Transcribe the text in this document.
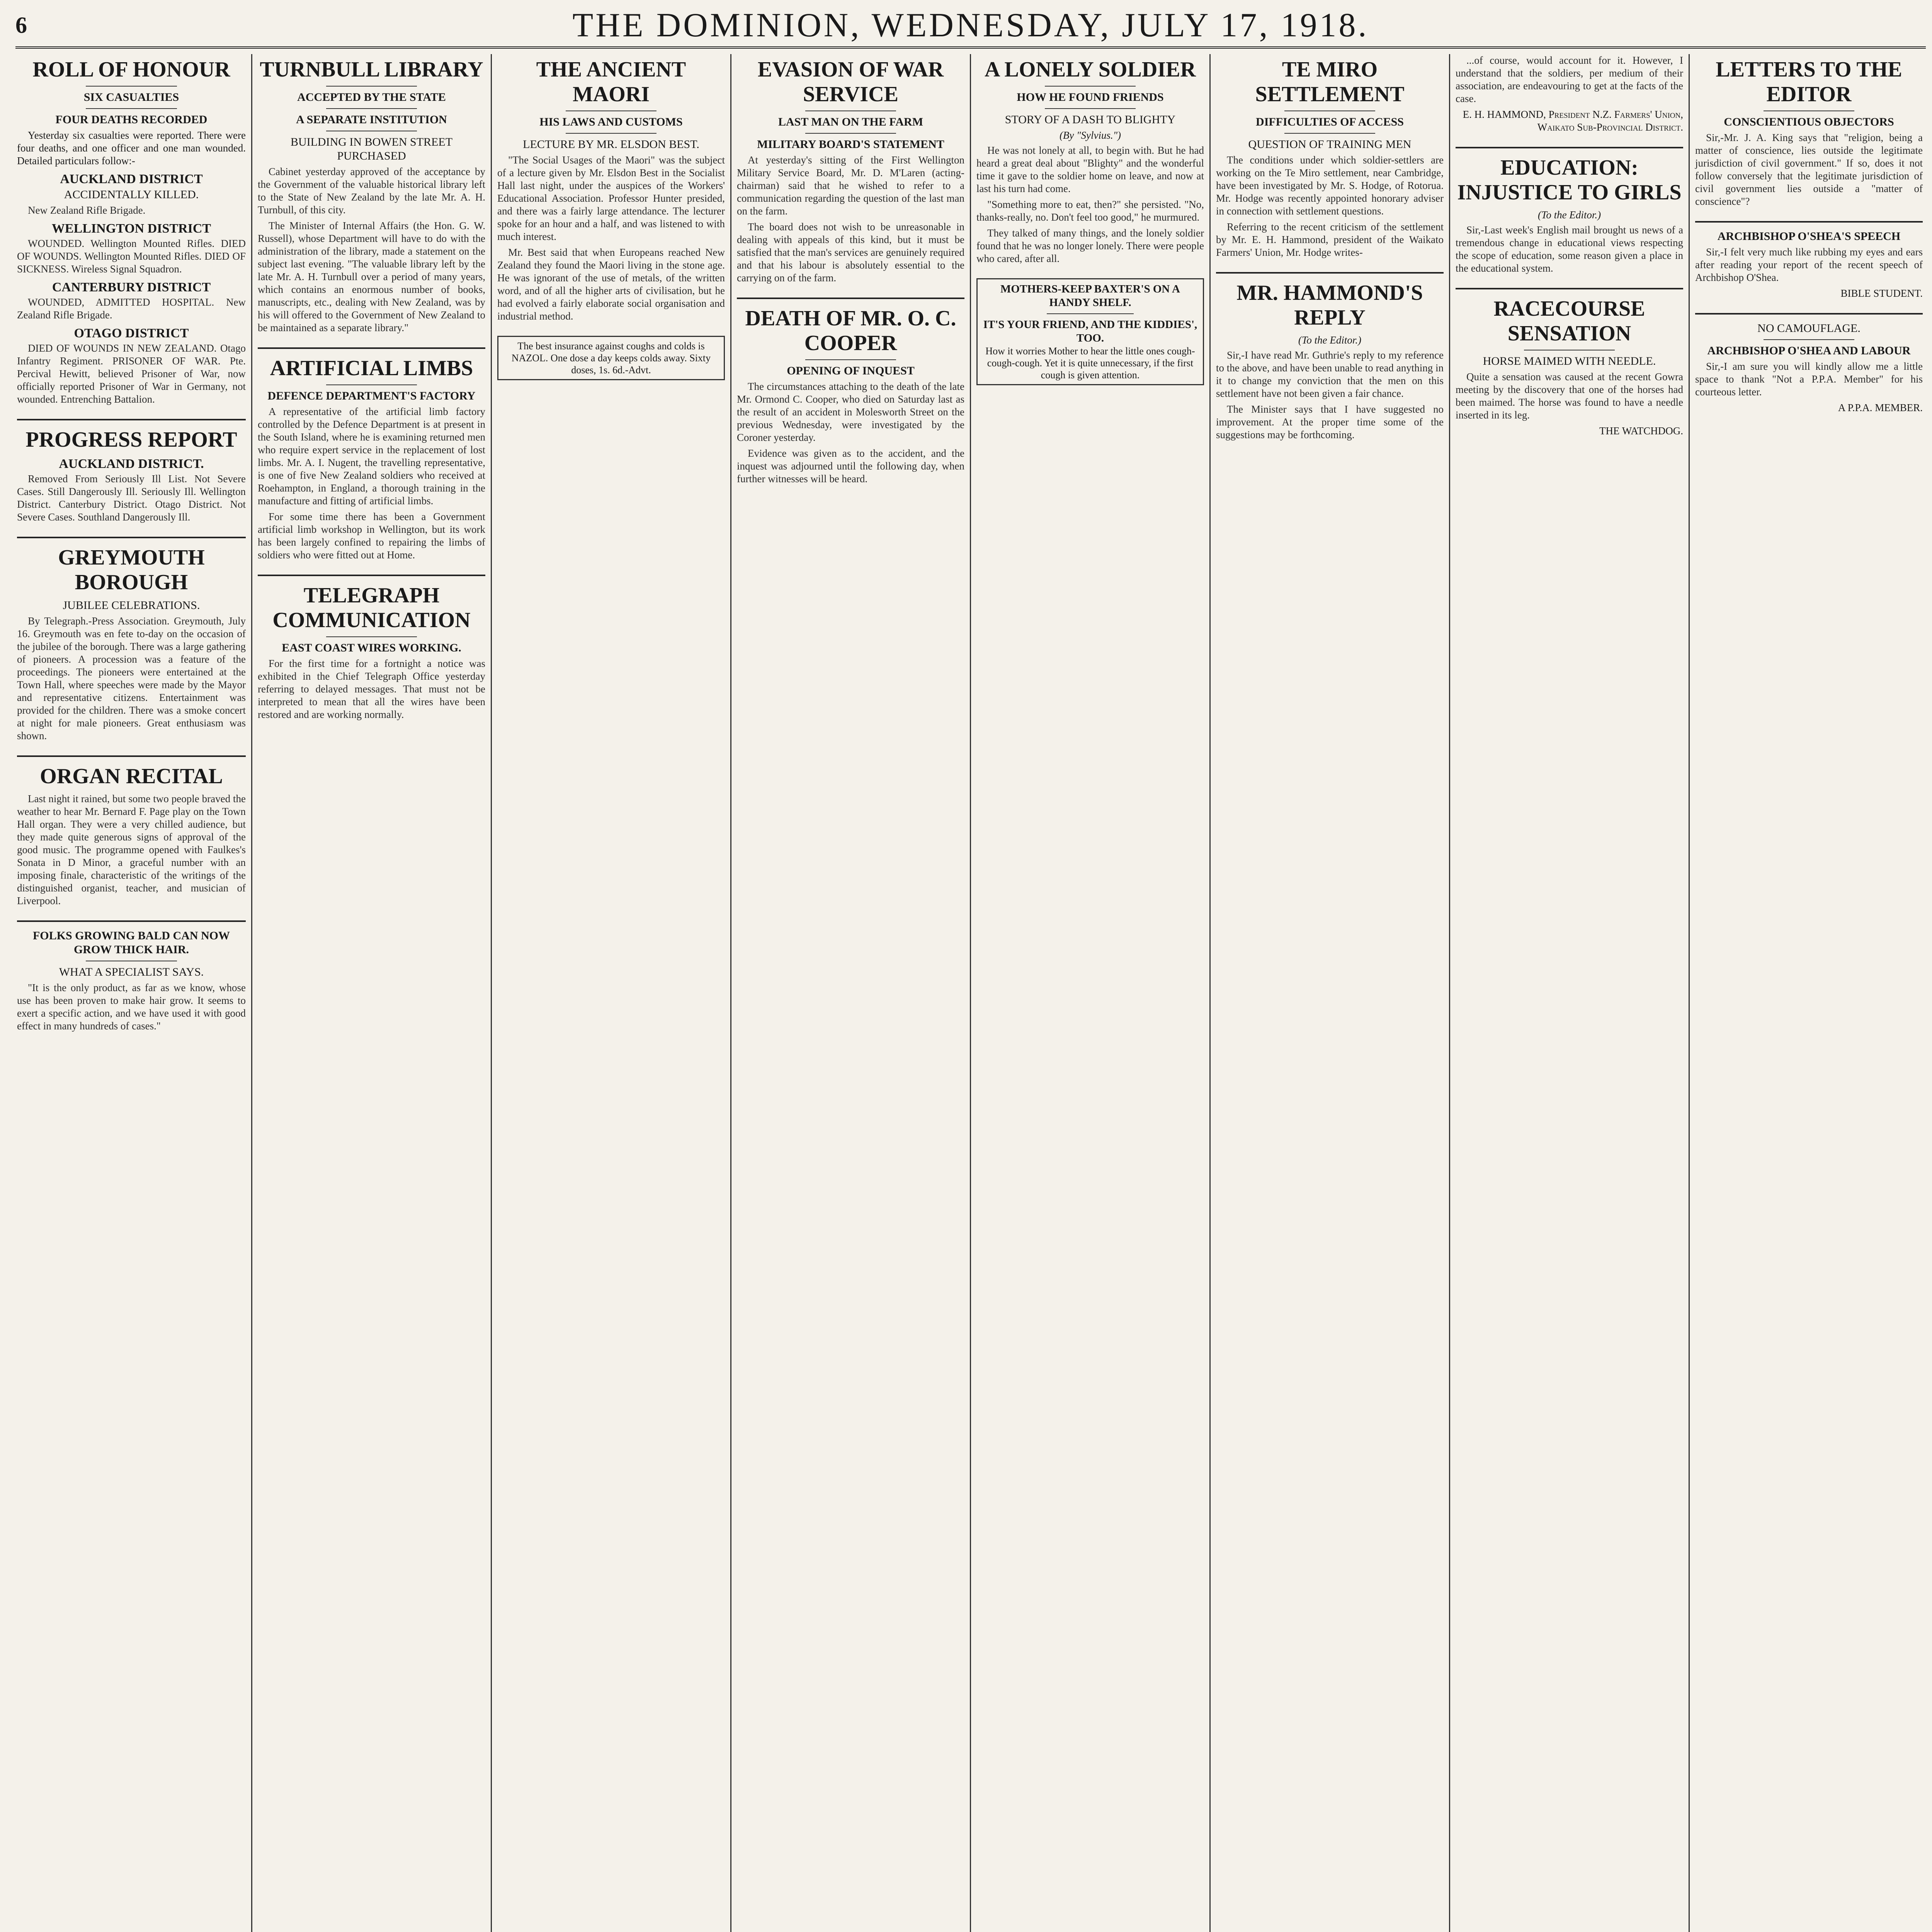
6	THE DOMINION, WEDNESDAY, JULY 17, 1918.
ROLL OF HONOUR
SIX CASUALTIES
FOUR DEATHS RECORDED

Yesterday six casualties were reported. There were four deaths, and one officer and one man wounded. Detailed particulars follow:-

AUCKLAND DISTRICT
ACCIDENTALLY KILLED.

New Zealand Rifle Brigade.

WELLINGTON DISTRICT

WOUNDED. Wellington Mounted Rifles. DIED OF WOUNDS. Wellington Mounted Rifles. DIED OF SICKNESS. Wireless Signal Squadron.

CANTERBURY DISTRICT

WOUNDED, ADMITTED HOSPITAL. New Zealand Rifle Brigade.

OTAGO DISTRICT

DIED OF WOUNDS IN NEW ZEALAND. Otago Infantry Regiment. PRISONER OF WAR. Pte. Percival Hewitt, believed Prisoner of War, now officially reported Prisoner of War in Germany, not wounded. Entrenching Battalion.

PROGRESS REPORT
AUCKLAND DISTRICT.

Removed From Seriously Ill List. Not Severe Cases. Still Dangerously Ill. Seriously Ill. Wellington District. Canterbury District. Otago District. Not Severe Cases. Southland Dangerously Ill.

GREYMOUTH BOROUGH
JUBILEE CELEBRATIONS.

By Telegraph.-Press Association. Greymouth, July 16. Greymouth was en fete to-day on the occasion of the jubilee of the borough. There was a large gathering of pioneers. A procession was a feature of the proceedings. The pioneers were entertained at the Town Hall, where speeches were made by the Mayor and representative citizens. Entertainment was provided for the children. There was a smoke concert at night for male pioneers. Great enthusiasm was shown.

ORGAN RECITAL

Last night it rained, but some two people braved the weather to hear Mr. Bernard F. Page play on the Town Hall organ. They were a very chilled audience, but they made quite generous signs of approval of the good music. The programme opened with Faulkes's Sonata in D Minor, a graceful number with an imposing finale, characteristic of the writings of the distinguished organist, teacher, and musician of Liverpool.

FOLKS GROWING BALD CAN NOW GROW THICK HAIR.
WHAT A SPECIALIST SAYS.

"It is the only product, as far as we know, whose use has been proven to make hair grow. It seems to exert a specific action, and we have used it with good effect in many hundreds of cases."

TURNBULL LIBRARY
ACCEPTED BY THE STATE
A SEPARATE INSTITUTION
BUILDING IN BOWEN STREET PURCHASED

Cabinet yesterday approved of the acceptance by the Government of the valuable historical library left to the State of New Zealand by the late Mr. A. H. Turnbull, of this city.

The Minister of Internal Affairs (the Hon. G. W. Russell), whose Department will have to do with the administration of the library, made a statement on the subject last evening. "The valuable library left by the late Mr. A. H. Turnbull over a period of many years, which contains an enormous number of books, manuscripts, etc., dealing with New Zealand, was by his will offered to the Government of New Zealand to be maintained as a separate library."

ARTIFICIAL LIMBS
DEFENCE DEPARTMENT'S FACTORY

A representative of the artificial limb factory controlled by the Defence Department is at present in the South Island, where he is examining returned men who require expert service in the replacement of lost limbs. Mr. A. I. Nugent, the travelling representative, is one of five New Zealand soldiers who received at Roehampton, in England, a thorough training in the manufacture and fitting of artificial limbs.

For some time there has been a Government artificial limb workshop in Wellington, but its work has been largely confined to repairing the limbs of soldiers who were fitted out at Home.

TELEGRAPH COMMUNICATION
EAST COAST WIRES WORKING.

For the first time for a fortnight a notice was exhibited in the Chief Telegraph Office yesterday referring to delayed messages. That must not be interpreted to mean that all the wires have been restored and are working normally.

THE ANCIENT MAORI
HIS LAWS AND CUSTOMS
LECTURE BY MR. ELSDON BEST.

"The Social Usages of the Maori" was the subject of a lecture given by Mr. Elsdon Best in the Socialist Hall last night, under the auspices of the Workers' Educational Association. Professor Hunter presided, and there was a fairly large attendance. The lecturer spoke for an hour and a half, and was listened to with much interest.

Mr. Best said that when Europeans reached New Zealand they found the Maori living in the stone age. He was ignorant of the use of metals, of the written word, and of all the higher arts of civilisation, but he had evolved a fairly elaborate social organisation and industrial method.

The best insurance against coughs and colds is NAZOL. One dose a day keeps colds away. Sixty doses, 1s. 6d.-Advt.
EVASION OF WAR SERVICE
LAST MAN ON THE FARM
MILITARY BOARD'S STATEMENT

At yesterday's sitting of the First Wellington Military Service Board, Mr. D. M'Laren (acting-chairman) said that he wished to refer to a communication regarding the question of the last man on the farm.

The board does not wish to be unreasonable in dealing with appeals of this kind, but it must be satisfied that the man's services are genuinely required and that his labour is absolutely essential to the carrying on of the farm.

DEATH OF MR. O. C. COOPER
OPENING OF INQUEST

The circumstances attaching to the death of the late Mr. Ormond C. Cooper, who died on Saturday last as the result of an accident in Molesworth Street on the previous Wednesday, were investigated by the Coroner yesterday.

Evidence was given as to the accident, and the inquest was adjourned until the following day, when further witnesses will be heard.

A LONELY SOLDIER
HOW HE FOUND FRIENDS
STORY OF A DASH TO BLIGHTY
(By "Sylvius.")

He was not lonely at all, to begin with. But he had heard a great deal about "Blighty" and the wonderful time it gave to the soldier home on leave, and now at last his turn had come.

"Something more to eat, then?" she persisted. "No, thanks-really, no. Don't feel too good," he murmured.

They talked of many things, and the lonely soldier found that he was no longer lonely. There were people who cared, after all.

MOTHERS-KEEP BAXTER'S ON A HANDY SHELF.
IT'S YOUR FRIEND, AND THE KIDDIES', TOO.
How it worries Mother to hear the little ones cough-cough-cough. Yet it is quite unnecessary, if the first cough is given attention.
TE MIRO SETTLEMENT
DIFFICULTIES OF ACCESS
QUESTION OF TRAINING MEN

The conditions under which soldier-settlers are working on the Te Miro settlement, near Cambridge, have been investigated by Mr. S. Hodge, of Rotorua. Mr. Hodge was recently appointed honorary adviser in connection with settlement questions.

Referring to the recent criticism of the settlement by Mr. E. H. Hammond, president of the Waikato Farmers' Union, Mr. Hodge writes-

MR. HAMMOND'S REPLY
(To the Editor.)

Sir,-I have read Mr. Guthrie's reply to my reference to the above, and have been unable to read anything in it to change my conviction that the men on this settlement have not been given a fair chance.

The Minister says that I have suggested no improvement. At the proper time some of the suggestions may be forthcoming.

...of course, would account for it. However, I understand that the soldiers, per medium of their association, are endeavouring to get at the facts of the case.

E. H. HAMMOND, President N.Z. Farmers' Union, Waikato Sub-Provincial District.
EDUCATION: INJUSTICE TO GIRLS
(To the Editor.)

Sir,-Last week's English mail brought us news of a tremendous change in educational views respecting the scope of education, some reason given a place in the educational system.

RACECOURSE SENSATION
HORSE MAIMED WITH NEEDLE.

Quite a sensation was caused at the recent Gowra meeting by the discovery that one of the horses had been maimed. The horse was found to have a needle inserted in its leg.

THE WATCHDOG.
LETTERS TO THE EDITOR
CONSCIENTIOUS OBJECTORS

Sir,-Mr. J. A. King says that "religion, being a matter of conscience, lies outside the legitimate jurisdiction of civil government." If so, does it not follow conversely that the legitimate jurisdiction of civil government lies outside a "matter of conscience"?

ARCHBISHOP O'SHEA'S SPEECH

Sir,-I felt very much like rubbing my eyes and ears after reading your report of the recent speech of Archbishop O'Shea.

BIBLE STUDENT.
NO CAMOUFLAGE.
ARCHBISHOP O'SHEA AND LABOUR

Sir,-I am sure you will kindly allow me a little space to thank "Not a P.P.A. Member" for his courteous letter.

A P.P.A. MEMBER.
